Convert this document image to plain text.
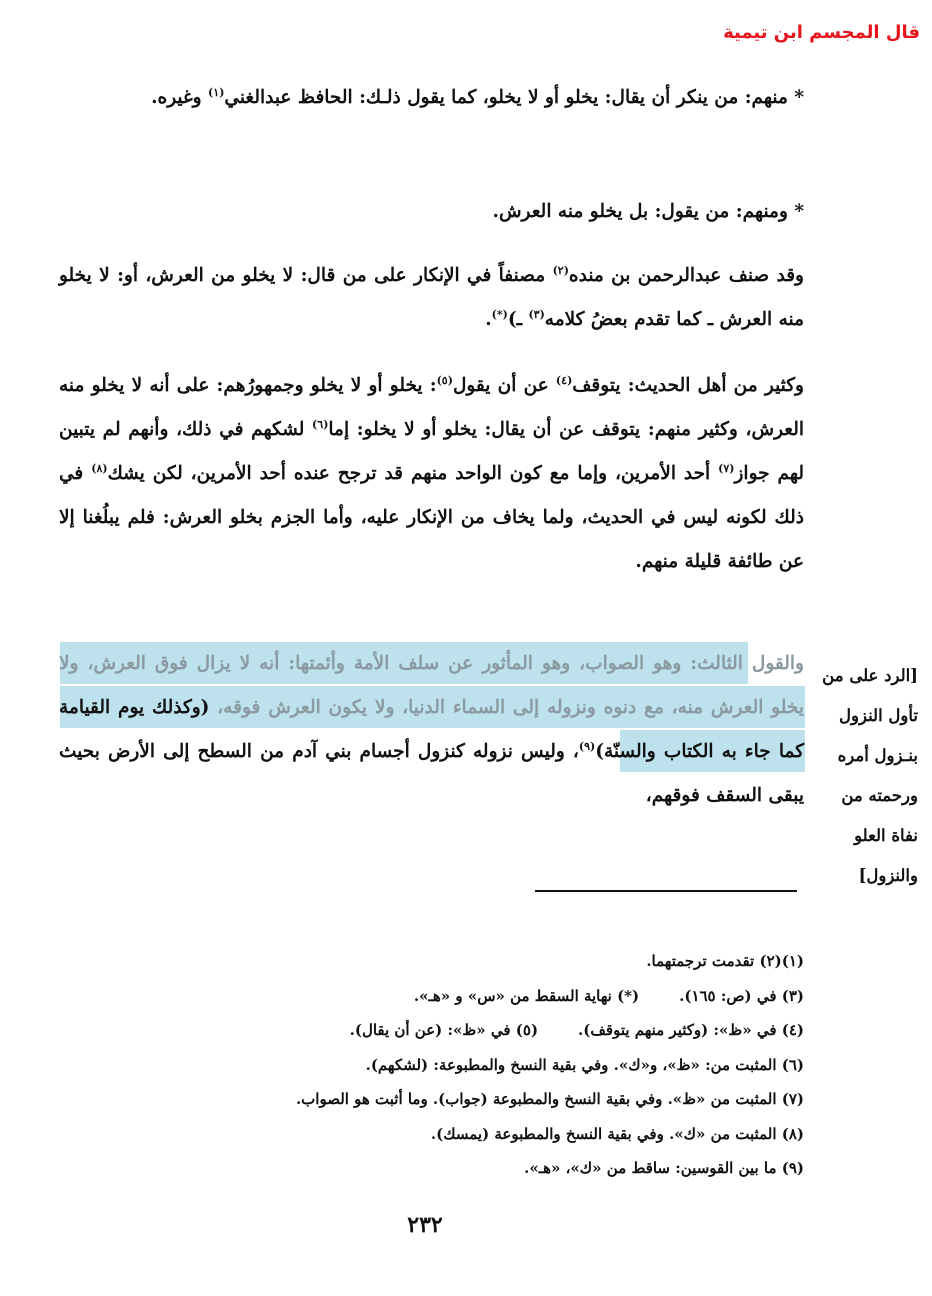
قال المجسم ابن تيمية
* منهم: من ينكر أن يقال: يخلو أو لا يخلو، كما يقول ذلـك: الحافظ عبدالغني$^{(١)}$ وغيره.
* ومنهم: من يقول: بل يخلو منه العرش.
وقد صنف عبدالرحمن بن منده$^{(٢)}$ مصنفاً في الإنكار على من قال: لا يخلو من العرش، أو: لا يخلو منه العرش ـ كما تقدم بعضُ كلامه$^{(٣)}$ ـ)(*).
وكثير من أهل الحديث: يتوقف$^{(٤)}$ عن أن يقول$^{(٥)}$: يخلو أو لا يخلو وجمهورُهم: على أنه لا يخلو منه العرش، وكثير منهم: يتوقف عن أن يقال: يخلو أو لا يخلو: إما$^{(٦)}$ لشكهم في ذلك، وأنهم لم يتبين لهم جواز$^{(٧)}$ أحد الأمرين، وإما مع كون الواحد منهم قد ترجح عنده أحد الأمرين، لكن يشك$^{(٨)}$ في ذلك لكونه ليس في الحديث، ولما يخاف من الإنكار عليه، وأما الجزم بخلو العرش: فلم يبلُغنا إلا عن طائفة قليلة منهم.
والقول الثالث: وهو الصواب، وهو المأثور عن سلف الأمة وأئمتها: أنه لا يزال فوق العرش، ولا يخلو العرش منه، مع دنوه ونزوله إلى السماء الدنيا، ولا يكون العرش فوقه، (وكذلك يوم القيامة كما جاء به الكتاب والسنّة)$^{(٩)}$، وليس نزوله كنزول أجسام بني آدم من السطح إلى الأرض بحيث يبقى السقف فوقهم،
[الرد على من تأول النزول بنـزول أمره ورحمته من نفاة العلو والنزول]
(١)(٢) تقدمت ترجمتهما.
(٣) في (ص: ١٦٥).
(*) نهاية السقط من «س» و «هـ».
(٤) في «ظ»: (وكثير منهم يتوقف).
(٥) في «ظ»: (عن أن يقال).
(٦) المثبت من: «ظ»، و«ك». وفي بقية النسخ والمطبوعة: (لشكهم).
(٧) المثبت من «ظ». وفي بقية النسخ والمطبوعة (جواب). وما أثبت هو الصواب.
(٨) المثبت من «ك». وفي بقية النسخ والمطبوعة (يمسك).
(٩) ما بين القوسين: ساقط من «ك»، «هـ».
٢٣٢
